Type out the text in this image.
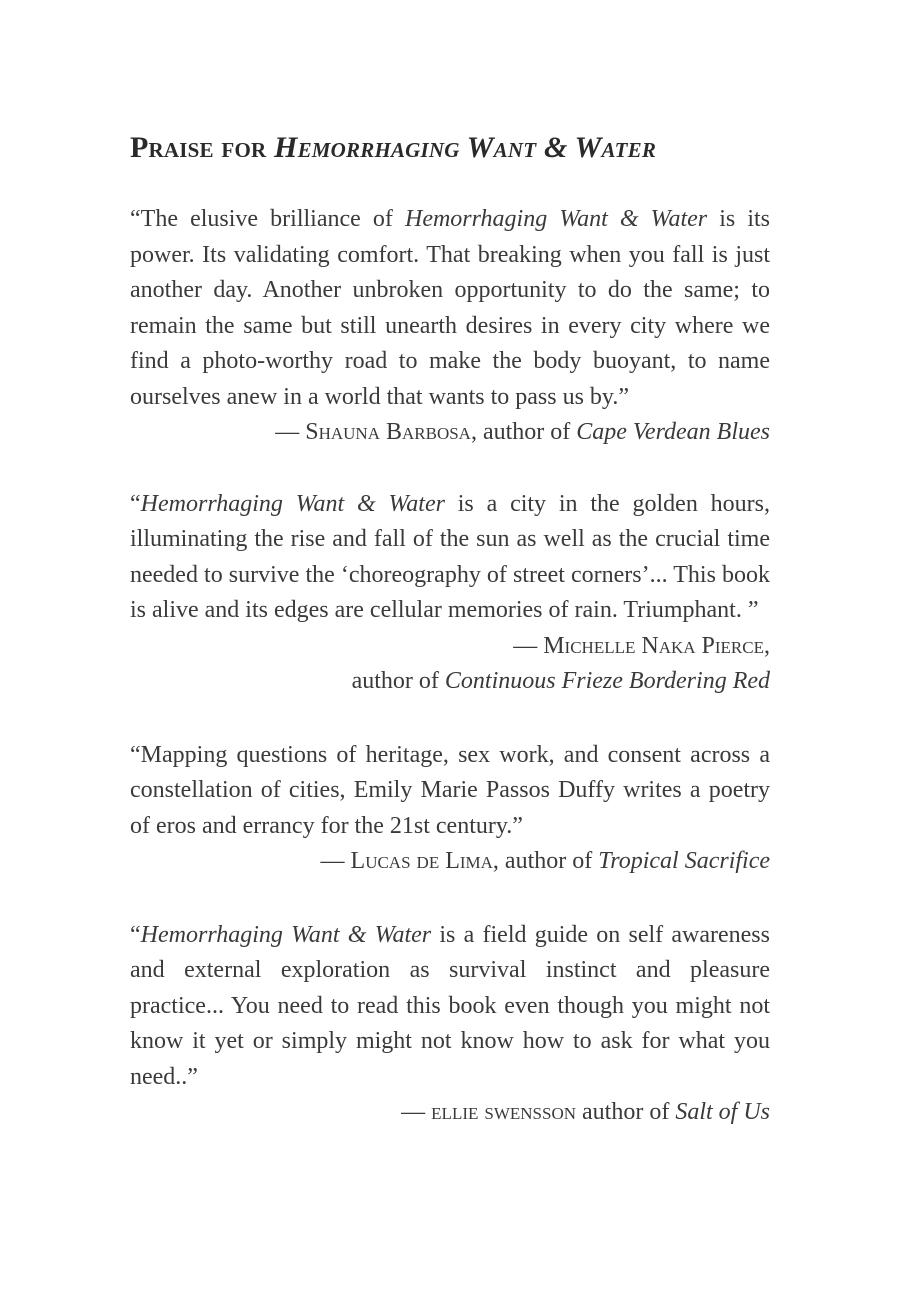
Praise for Hemorrhaging Want & Water

“The elusive brilliance of Hemorrhaging Want & Water is its power. Its validating comfort. That breaking when you fall is just another day. Another unbroken opportunity to do the same; to remain the same but still unearth desires in every city where we find a photo-worthy road to make the body buoyant, to name ourselves anew in a world that wants to pass us by.”

— Shauna Barbosa, author of Cape Verdean Blues

“Hemorrhaging Want & Water is a city in the golden hours, illuminating the rise and fall of the sun as well as the crucial time needed to survive the ‘choreography of street corners’... This book is alive and its edges are cellular memories of rain. Triumphant. ”

— Michelle Naka Pierce,

author of Continuous Frieze Bordering Red

“Mapping questions of heritage, sex work, and consent across a constellation of cities, Emily Marie Passos Duffy writes a poetry of eros and errancy for the 21st century.”

— Lucas de Lima, author of Tropical Sacrifice

“Hemorrhaging Want & Water is a field guide on self awareness and external exploration as survival instinct and pleasure practice... You need to read this book even though you might not know it yet or simply might not know how to ask for what you need..”

— ellie swensson author of Salt of Us
